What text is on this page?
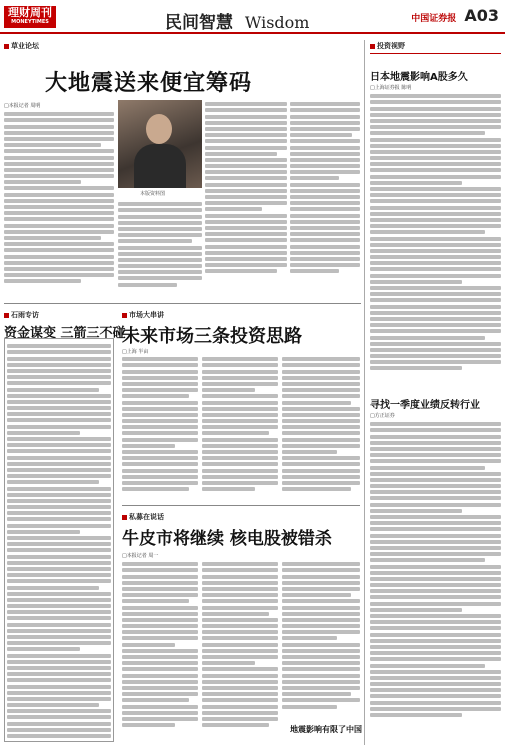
理财周刊
MONEYTIMES	民间智慧 Wisdom	中国证券报 A03
草业论坛
大地震送来便宜筹码
□本报记者 周明
本版资料图
石雨专访
资金谋变 三箭三不碰
市场大串讲
未来市场三条投资思路
□上海 半亩
私募在说话
牛皮市将继续 核电股被错杀
□本报记者 周一
地震影响有限了中国
投资视野
日本地震影响A股多久
□上海证券报 陈明
寻找一季度业绩反转行业
□方正证券
